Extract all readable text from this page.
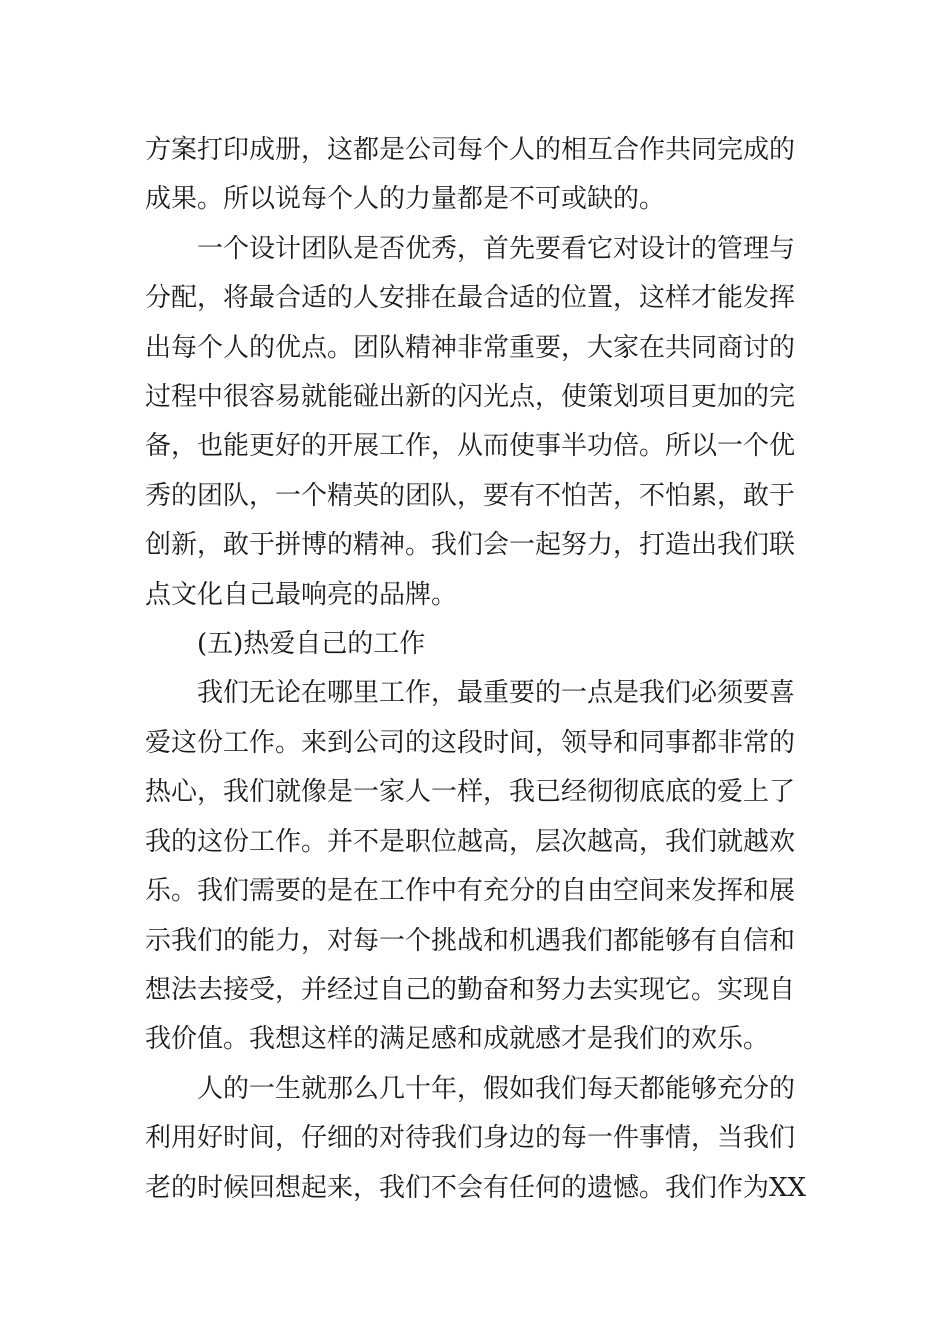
方案打印成册，这都是公司每个人的相互合作共同完成的
成果。所以说每个人的力量都是不可或缺的。

一个设计团队是否优秀，首先要看它对设计的管理与
分配，将最合适的人安排在最合适的位置，这样才能发挥
出每个人的优点。团队精神非常重要，大家在共同商讨的
过程中很容易就能碰出新的闪光点，使策划项目更加的完
备，也能更好的开展工作，从而使事半功倍。所以一个优
秀的团队，一个精英的团队，要有不怕苦，不怕累，敢于
创新，敢于拼博的精神。我们会一起努力，打造出我们联
点文化自己最响亮的品牌。

(五)热爱自己的工作

我们无论在哪里工作，最重要的一点是我们必须要喜
爱这份工作。来到公司的这段时间，领导和同事都非常的
热心，我们就像是一家人一样，我已经彻彻底底的爱上了
我的这份工作。并不是职位越高，层次越高，我们就越欢
乐。我们需要的是在工作中有充分的自由空间来发挥和展
示我们的能力，对每一个挑战和机遇我们都能够有自信和
想法去接受，并经过自己的勤奋和努力去实现它。实现自
我价值。我想这样的满足感和成就感才是我们的欢乐。

人的一生就那么几十年，假如我们每天都能够充分的
利用好时间，仔细的对待我们身边的每一件事情，当我们
老的时候回想起来，我们不会有任何的遗憾。我们作为XX
